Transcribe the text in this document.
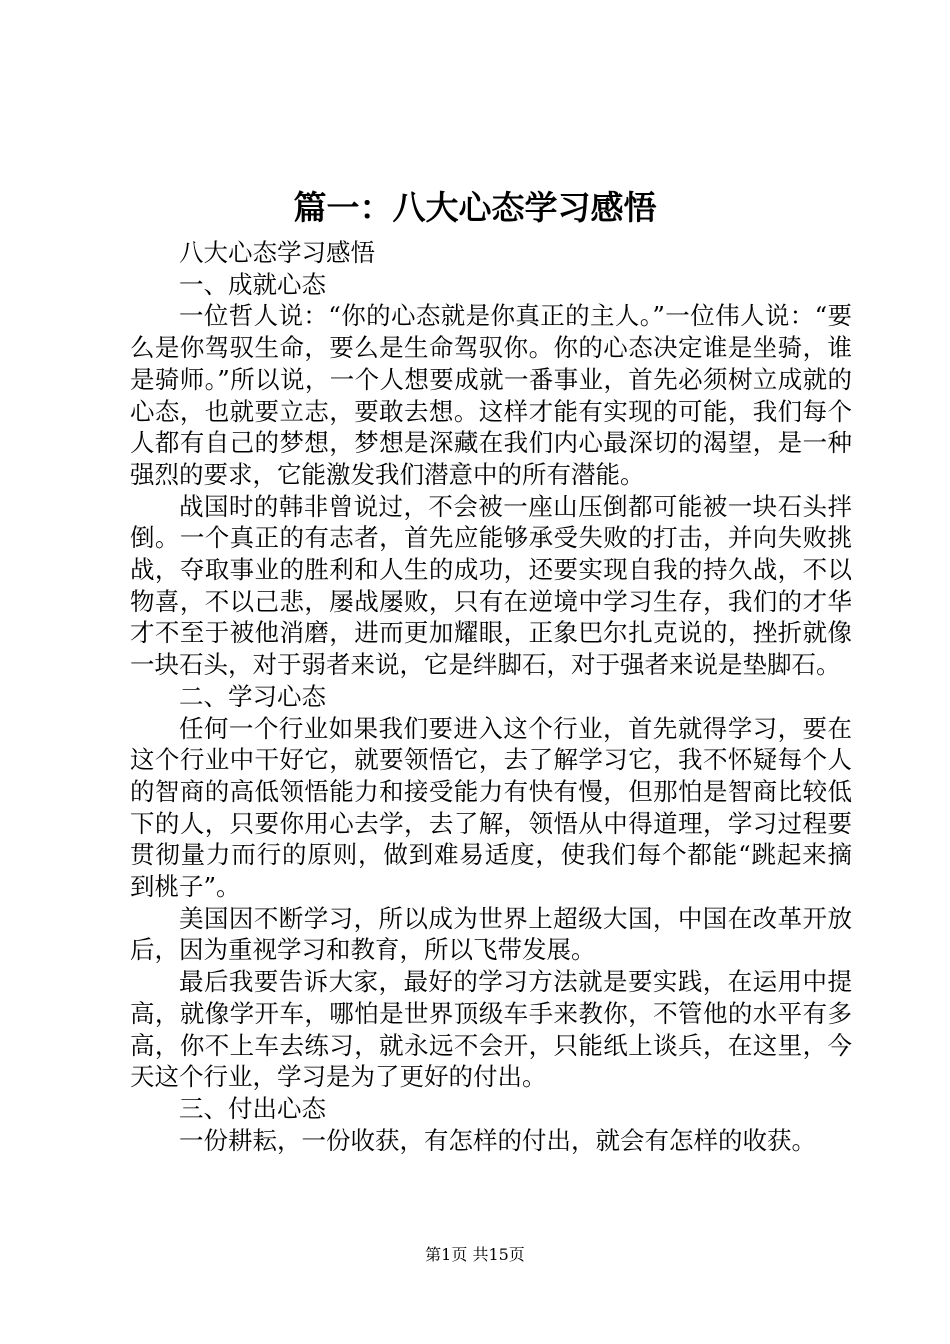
篇一：八大心态学习感悟

八大心态学习感悟

一、成就心态

一位哲人说：“你的心态就是你真正的主人。”一位伟人说：“要么是你驾驭生命，要么是生命驾驭你。你的心态决定谁是坐骑，谁是骑师。”所以说，一个人想要成就一番事业，首先必须树立成就的心态，也就要立志，要敢去想。这样才能有实现的可能，我们每个人都有自己的梦想，梦想是深藏在我们内心最深切的渴望，是一种强烈的要求，它能激发我们潜意中的所有潜能。

战国时的韩非曾说过，不会被一座山压倒都可能被一块石头拌倒。一个真正的有志者，首先应能够承受失败的打击，并向失败挑战，夺取事业的胜利和人生的成功，还要实现自我的持久战，不以物喜，不以己悲，屡战屡败，只有在逆境中学习生存，我们的才华才不至于被他消磨，进而更加耀眼，正象巴尔扎克说的，挫折就像一块石头，对于弱者来说，它是绊脚石，对于强者来说是垫脚石。

二、学习心态

任何一个行业如果我们要进入这个行业，首先就得学习，要在这个行业中干好它，就要领悟它，去了解学习它，我不怀疑每个人的智商的高低领悟能力和接受能力有快有慢，但那怕是智商比较低下的人，只要你用心去学，去了解，领悟从中得道理，学习过程要贯彻量力而行的原则，做到难易适度，使我们每个都能“跳起来摘到桃子”。

美国因不断学习，所以成为世界上超级大国，中国在改革开放后，因为重视学习和教育，所以飞带发展。

最后我要告诉大家，最好的学习方法就是要实践，在运用中提高，就像学开车，哪怕是世界顶级车手来教你，不管他的水平有多高，你不上车去练习，就永远不会开，只能纸上谈兵，在这里，今天这个行业，学习是为了更好的付出。

三、付出心态

一份耕耘，一份收获，有怎样的付出，就会有怎样的收获。

第1页 共15页
